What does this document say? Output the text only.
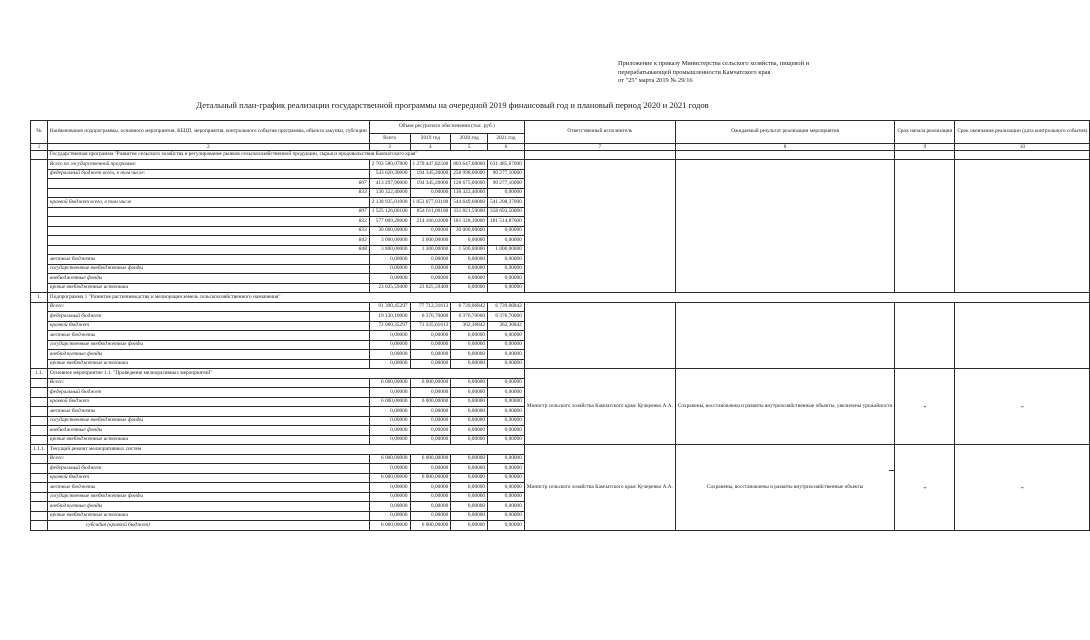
Приложение к приказу Министерства сельского хозяйства, пищевой и
перерабатывающей промышленности Камчатского края
от "25" марта 2019 № 29/16
Детальный план-график реализации государственной программы на очередной 2019 финансовый год и плановый период 2020 и 2021 годов
№	Наименование подпрограммы, основного мероприятия, КБЦП, мероприятия, контрольного события программы, объекта закупки, субсидии	Объем ресурсного обеспечения (тыс. руб.)				Ответственный исполнитель	Ожидаемый результат реализации мероприятия	Срок начала реализации	Срок окончания реализации (дата контрольного события)
		Всего	2019 год	2020 год	2021 год				
1	2	3	4	5	6	7	8	9	10
	Государственная программа "Развитие сельского хозяйства и регулирование рынков сельскохозяйственной продукции, сырья и продовольствия Камчатского края"								
	Всего по государственной программе:	2 703 580,07800	1 270 447,82500	803 647,68000	631 485,67000				
	федеральный бюджет всего, в том числе:	543 620,30000	194 345,20000	258 998,00000	90 277,10000				
	807	413 297,90000	194 345,20000	128 675,60000	90 277,10000				
	833	130 322,40000	0,00000	130 322,40000	0,00000				
	краевой бюджет всего, в том числе	2 138 935,01000	1 053 077,03100	544 649,68000	541 208,37000				
	807	1 525 126,00100	854 611,00100	331 821,59000	358 693,50000				
	832	577 009,28000	214 166,02000	181 328,10000	181 514,87000				
	833	30 000,00000	0,00000	30 000,00000	0,00000				
	843	3 000,00000	3 000,00000	0,00000	0,00000				
	848	3 800,00000	1 300,00000	1 500,00000	1 000,00000				
	местные бюджеты	0,00000	0,00000	0,00000	0,00000				
	государственные внебюджетные фонды	0,00000	0,00000	0,00000	0,00000				
	внебюджетные фонды	0,00000	0,00000	0,00000	0,00000				
	прочие внебюджетные источники	23 025,59400	23 025,59400	0,00000	0,00000				
1.	Подпрограмма 1 "Развитие растениеводства и мелиорация земель сельскохозяйственного назначения"								
	Всего:	91 390,45297	77 712,31613	6 739,06842	6 739,06842				
	федеральный бюджет	19 130,10000	6 376,70000	6 376,70000	6 376,70000				
	краевой бюджет	72 060,35297	71 335,61613	362,36842	362,36842				
	местные бюджеты	0,00000	0,00000	0,00000	0,00000				
	государственные внебюджетные фонды	0,00000	0,00000	0,00000	0,00000				
	внебюджетные фонды	0,00000	0,00000	0,00000	0,00000				
	прочие внебюджетные источники	0,00000	0,00000	0,00000	0,00000				
1.1.	Основное мероприятие 1.1. "Проведение мелиоративных мероприятий"					Министр сельского хозяйства Камчатского края/ Кучеренко А.А.	Сохранены, восстановлены и развиты внутрихозяйственные объекты, увеличены урожайности	-	-
	Всего:	6 000,00000	6 000,00000	0,00000	0,00000				
	федеральный бюджет	0,00000	0,00000	0,00000	0,00000				
	краевой бюджет	6 000,00000	6 000,00000	0,00000	0,00000				
	местные бюджеты	0,00000	0,00000	0,00000	0,00000				
	государственные внебюджетные фонды	0,00000	0,00000	0,00000	0,00000				
	внебюджетные фонды	0,00000	0,00000	0,00000	0,00000				
	прочие внебюджетные источники	0,00000	0,00000	0,00000	0,00000				
1.1.1.	Текущий ремонт мелиоративных систем					Министр сельского хозяйства Камчатского края/ Кучеренко А.А.	Сохранены, восстановлены и развиты внутрихозяйственные объекты	-	-
	Всего:	6 000,00000	6 000,00000	0,00000	0,00000				
	федеральный бюджет	0,00000	0,00000	0,00000	0,00000				
	краевой бюджет	6 000,00000	6 000,00000	0,00000	0,00000				
	местные бюджеты	0,00000	0,00000	0,00000	0,00000				
	государственные внебюджетные фонды	0,00000	0,00000	0,00000	0,00000				
	внебюджетные фонды	0,00000	0,00000	0,00000	0,00000				
	прочие внебюджетные источники	0,00000	0,00000	0,00000	0,00000				
	субсидия (краевой бюджет)	6 000,00000	6 000,00000	0,00000	0,00000				
